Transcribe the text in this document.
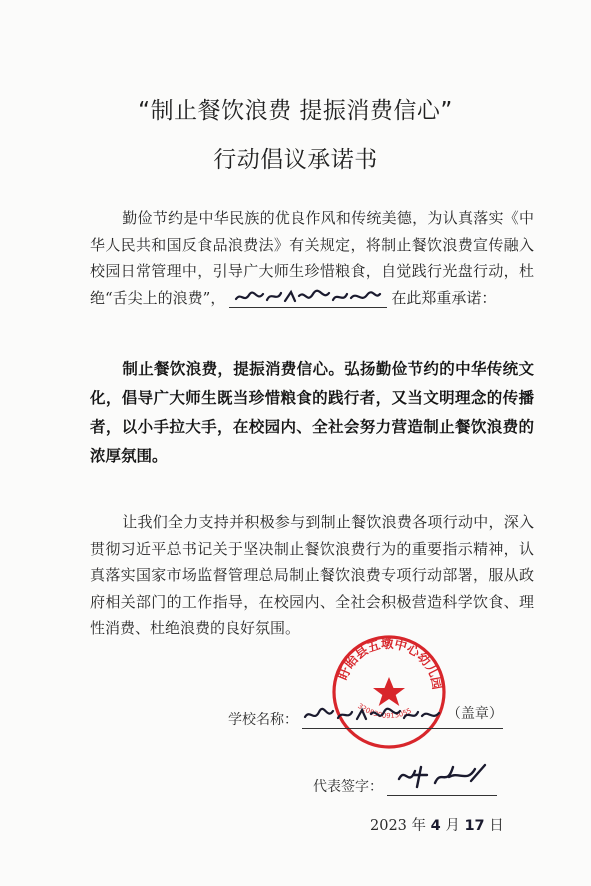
“制止餐饮浪费 提振消费信心”
行动倡议承诺书

勤俭节约是中华民族的优良作风和传统美德，为认真落实《中华人民共和国反食品浪费法》有关规定，将制止餐饮浪费宣传融入校园日常管理中，引导广大师生珍惜粮食，自觉践行光盘行动，杜绝“舌尖上的浪费”，	在此郑重承诺：

制止餐饮浪费，提振消费信心。弘扬勤俭节约的中华传统文化，倡导广大师生既当珍惜粮食的践行者，又当文明理念的传播者，以小手拉大手，在校园内、全社会努力营造制止餐饮浪费的浓厚氛围。

让我们全力支持并积极参与到制止餐饮浪费各项行动中，深入贯彻习近平总书记关于坚决制止餐饮浪费行为的重要指示精神，认真落实国家市场监督管理总局制止餐饮浪费专项行动部署，服从政府相关部门的工作指导，在校园内、全社会积极营造科学饮食、理性消费、杜绝浪费的良好氛围。

盱眙县五墩中心幼儿园
3208300913055
学校名称：	（盖章）
代表签字：
2023 年 4 月 17 日
